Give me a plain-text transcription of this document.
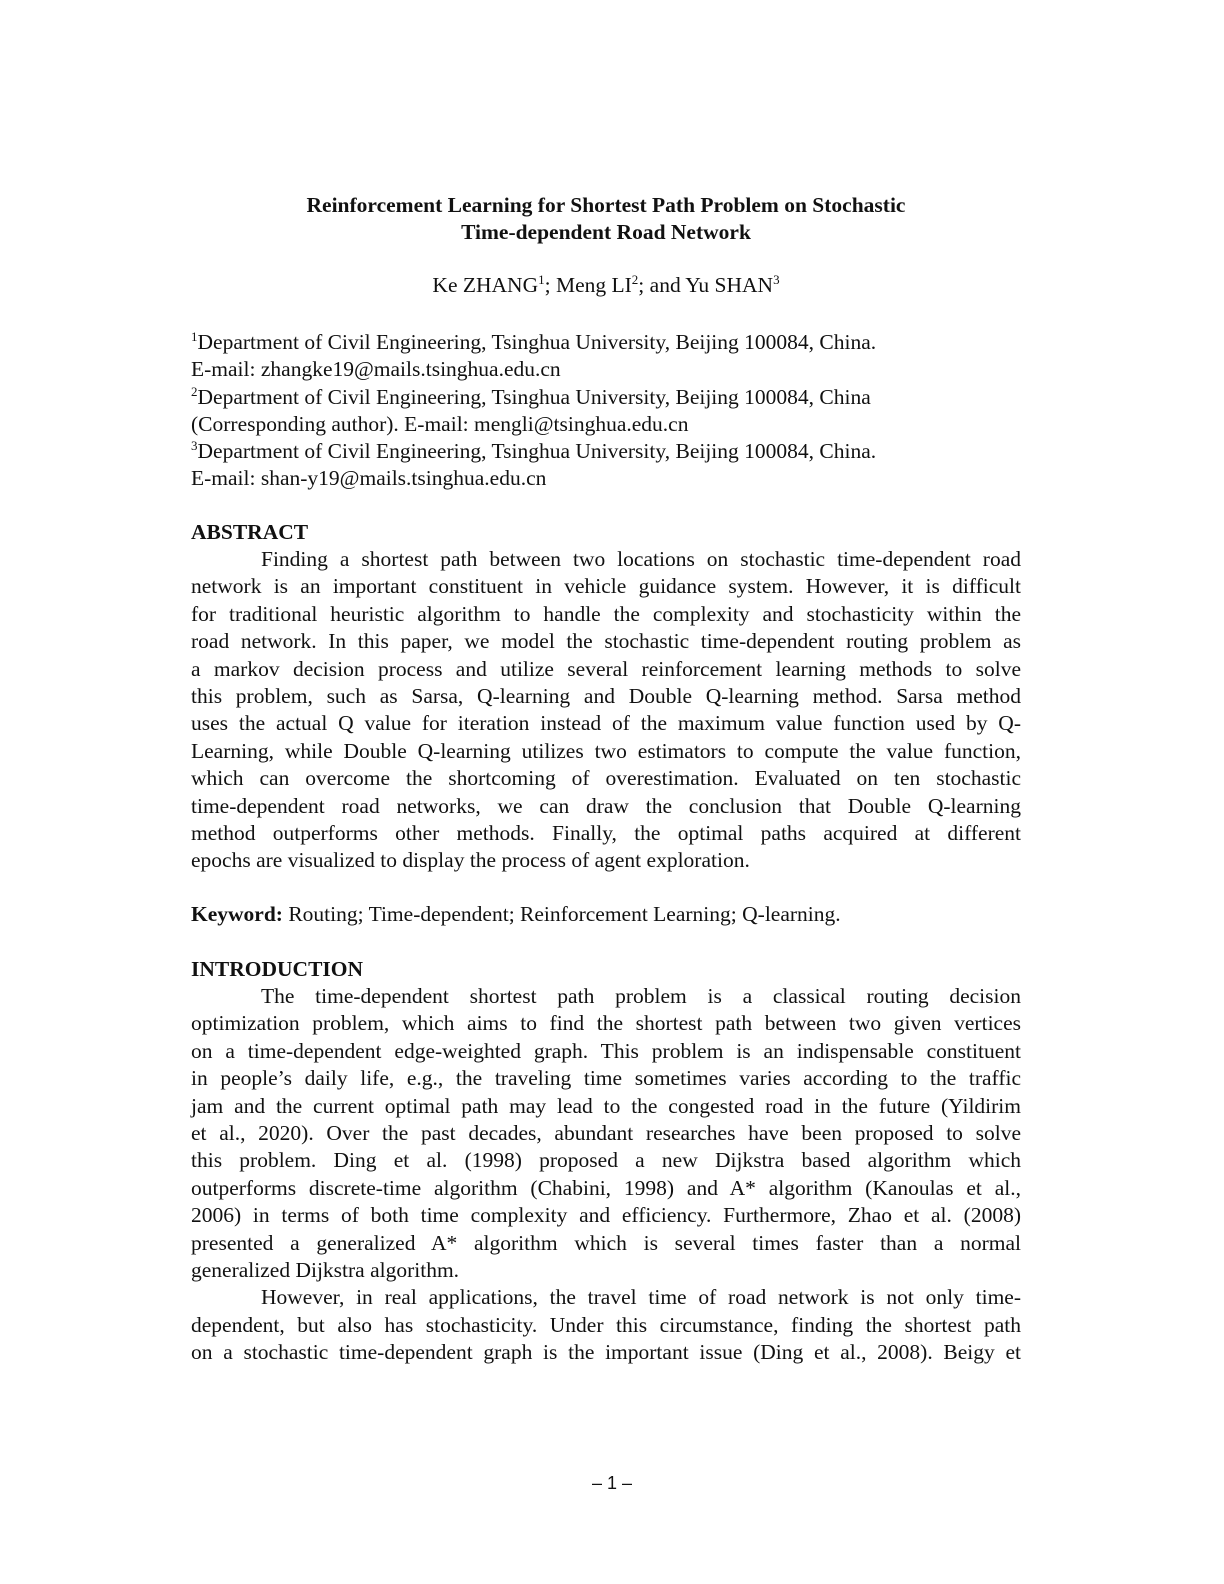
Reinforcement Learning for Shortest Path Problem on Stochastic
Time-dependent Road Network
Ke ZHANG$^1$; Meng $LI^2$; and Yu SHAN$^3$
$^1$Department of Civil Engineering, Tsinghua University, Beijing 100084, China.
E-mail: zhangke19@mails.tsinghua.edu.cn
$^2$Department of Civil Engineering, Tsinghua University, Beijing 100084, China
(Corresponding author). E-mail: mengli@tsinghua.edu.cn
$^3$Department of Civil Engineering, Tsinghua University, Beijing 100084, China.
E-mail: shan-y19@mails.tsinghua.edu.cn
ABSTRACT
Finding a shortest path between two locations on stochastic time-dependent road
network is an important constituent in vehicle guidance system. However, it is difficult
for traditional heuristic algorithm to handle the complexity and stochasticity within the
road network. In this paper, we model the stochastic time-dependent routing problem as
a markov decision process and utilize several reinforcement learning methods to solve
this problem, such as Sarsa, Q-learning and Double Q-learning method. Sarsa method
uses the actual Q value for iteration instead of the maximum value function used by Q-
Learning, while Double Q-learning utilizes two estimators to compute the value function,
which can overcome the shortcoming of overestimation. Evaluated on ten stochastic
time-dependent road networks, we can draw the conclusion that Double Q-learning
method outperforms other methods. Finally, the optimal paths acquired at different
epochs are visualized to display the process of agent exploration.
Keyword: Routing; Time-dependent; Reinforcement Learning; Q-learning.
INTRODUCTION
The time-dependent shortest path problem is a classical routing decision
optimization problem, which aims to find the shortest path between two given vertices
on a time-dependent edge-weighted graph. This problem is an indispensable constituent
in people’s daily life, e.g., the traveling time sometimes varies according to the traffic
jam and the current optimal path may lead to the congested road in the future (Yildirim
et al., 2020). Over the past decades, abundant researches have been proposed to solve
this problem. Ding et al. (1998) proposed a new Dijkstra based algorithm which
outperforms discrete-time algorithm (Chabini, 1998) and A* algorithm (Kanoulas et al.,
2006) in terms of both time complexity and efficiency. Furthermore, Zhao et al. (2008)
presented a generalized A* algorithm which is several times faster than a normal
generalized Dijkstra algorithm.
However, in real applications, the travel time of road network is not only time-
dependent, but also has stochasticity. Under this circumstance, finding the shortest path
on a stochastic time-dependent graph is the important issue (Ding et al., 2008). Beigy et
– 1 –
